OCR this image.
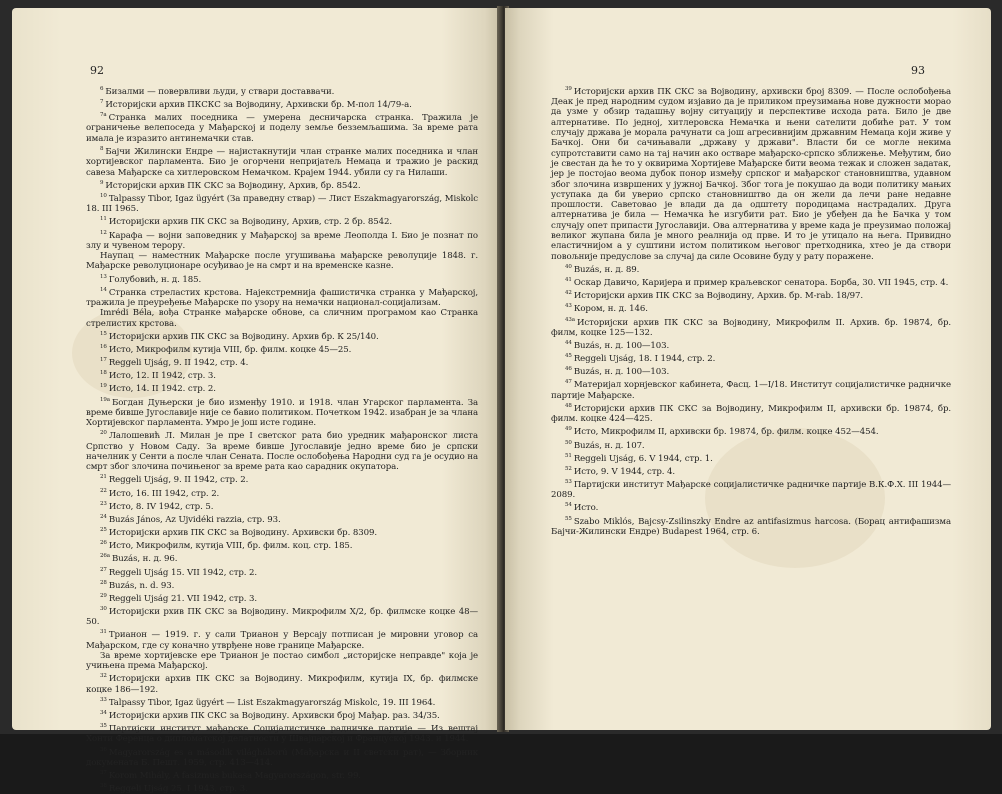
92

$^6$ Бизалми — повервливи људи, у ствари доставвачи.

$^7$ Историјски архив ПКСКС за Војводину, Архивски бр. М-пол 14/79-а.

$^{7a}$ Странка малих поседника — умерена десничарска странка. Тражила је ограничење велепоседа у Мађарској и поделу земље безземљашима. За време рата имала је изразито антинемачки став.

$^8$ Бајчи Жилински Ендре — најистакнутији члан странке малих поседника и члан хортијевског парламента. Био је огорчени непријатељ Немаца и тражио је раскид савеза Мађарске са хитлеровском Немачком. Крајем 1944. убили су га Нилаши.

$^9$ Историјски архив ПК СКС за Војводину, Архив, бр. 8542.

$^{10}$ Talpassy Tibor, Igaz ügyért (За праведну ствар) — Лист Eszakmagyarország, Miskolc 18. III 1965.

$^{11}$ Историјски архив ПК СКС за Војводину, Архив, стр. 2 бр. 8542.

$^{12}$ Карафа — војни заповедник у Мађарској за време Леополда I. Био је познат по злу и чувеном терору.

Наупац — наместник Мађарске после угушивања мађарске револуције 1848. г. Мађарске револуционаре осуђивао је на смрт и на временске казне.

$^{13}$ Голубовић, н. д. 185.

$^{14}$ Странка стреластих крстова. Најекстремнија фашистичка странка у Мађарској, тражила је преуређење Мађарске по узору на немачки национал-социјализам.

Imrédi Béla, вођа Странке мађарске обнове, са сличним програмом као Странка стрелистих крстова.

$^{15}$ Историјски архив ПК СКС за Војводину. Архив бр. К 25/140.

$^{16}$ Исто, Микрофилм кутија VIII, бр. филм. коцке 45—25.

$^{17}$ Reggeli Ujság, 9. II 1942, стр. 4.

$^{18}$ Исто, 12. II 1942, стр. 3.

$^{19}$ Исто, 14. II 1942. стр. 2.

$^{19a}$ Богдан Дуњерски је био изменђу 1910. и 1918. члан Угарског парламента. За време бивше Југославије није се бавио политиком. Почетком 1942. изабран је за члана Хортијевског парламента. Умро је још исте године.

$^{20}$ Лалошевић Л. Милан је пре I светског рата био уредник мађаронског листа Српство у Новом Саду. За време бивше Југославије једно време био је српски начелник у Сенти а после члан Сената. После ослобођења Народни суд га је осудио на смрт због злочина почињеног за време рата као сарадник окупатора.

$^{21}$ Reggeli Ujság, 9. II 1942, стр. 2.

$^{22}$ Исто, 16. III 1942, стр. 2.

$^{23}$ Исто, 8. IV 1942, стр. 5.

$^{24}$ Buzás János, Az Ujvidéki razzia, стр. 93.

$^{25}$ Историјски архив ПК СКС за Војводину. Архивски бр. 8309.

$^{26}$ Исто, Микрофилм, кутија VIII, бр. филм. коц. стр. 185.

$^{26a}$ Buzás, н. д. 96.

$^{27}$ Reggeli Ujság 15. VII 1942, стр. 2.

$^{28}$ Buzás, n. d. 93.

$^{29}$ Reggeli Ujság 21. VII 1942, стр. 3.

$^{30}$ Историјски рхив ПК СКС за Војводину. Микрофилм X/2, бр. филмске коцке 48—50.

$^{31}$ Трианон — 1919. г. у сали Трианон у Версају потписан је мировни уговор са Мађарском, где су коначно утврђене нове границе Мађарске.

За време хортијевске ере Трианон је постао симбол „историјске неправде" која је учињена према Мађарској.

$^{32}$ Историјски архив ПК СКС за Војводину. Микрофилм, кутија IX, бр. филмске коцке 186—192.

$^{33}$ Talpassy Tibor, Igaz ügyért — List Eszakmagyarország Miskolc, 19. III 1964.

$^{34}$ Историјски архив ПК СКС за Војводину. Архивски број Мађар. раз. 34/35.

$^{35}$ Партијски институт мађарске Социјалистичке радничке партије — Из вештај Хонти Ференца о дипломатској делатности у Швајцарској и Француској 1943. и 1944.

$^{36}$ Magyarország es a második világháború (Мађарска и II светски рат), — Зборник докумената Б. Пешт. 1959, стр. 413—414.

$^{37}$ Korom Mihály, A fasizmus bukasa Magyarországon, str. 99.

$^{38}$ Reggeli Ujság 25. I 1943, стр. 3.

93

$^{39}$ Историјски архив ПК СКС за Војводину, архивски број 8309. — После ослобођења Деак је пред народним судом изјавио да је приликом преузимања нове дужности морао да узме у обзир тадашњу војну ситуацију и перспективе исхода рата. Било је две алтернативе. По једној, хитлеровска Немачка и њени сателити добиће рат. У том случају држава је морала рачунати са још агресивнијим државним Немаца који живе у Бачкој. Они би сачињавали „државу у држави". Власти би се могле некима супротставити само на тај начин ако остваре мађарско-српско зближење. Међутим, био је свестан да ће то у оквирима Хортијеве Мађарске бити веома тежак и сложен задатак, јер је постојао веома дубок понор између српског и мађарског становништва, удавном због злочина извршених у јужној Бачкој. Због тога је покушао да води политику мањих уступака да би уверио српско становништво да он жели да лечи ране недавне прошлости. Саветовао је влади да да одштету породицама настрадалих. Друга алтернатива је била — Немачка ће изгубити рат. Био је убеђен да ће Бачка у том случају опет припасти Југославији. Ова алтернатива у време када је преузимао положај великог жупана била је много реалнија од прве. И то је утицало на њега. Привидно еластичнијом а у суштини истом политиком његовог претходника, хтео је да створи повољније предуслове за случај да силе Осовине буду у рату поражене.

$^{40}$ Buzás, н. д. 89.

$^{41}$ Оскар Давичо, Каријера и пример краљевског сенатора. Борба, 30. VII 1945, стр. 4.

$^{42}$ Историјски архив ПК СКС за Војводину, Архив. бр. М-rab. 18/97.

$^{43}$ Кором, н. д. 146.

$^{43a}$ Историјски архив ПК СКС за Војводину, Микрофилм II. Архив. бр. 19874, бр. филм, коцке 125—132.

$^{44}$ Buzás, н. д. 100—103.

$^{45}$ Reggeli Ujság, 18. I 1944, стр. 2.

$^{46}$ Buzás, н. д. 100—103.

$^{47}$ Материјал хорнјевског кабинета, Фасц. 1—I/18. Институт социјалистичке радничке партије Мађарске.

$^{48}$ Историјски архив ПК СКС за Војводину, Микрофилм II, архивски бр. 19874, бр. филм. коцке 424—425.

$^{49}$ Исто, Микрофилм II, архивски бр. 19874, бр. филм. коцке 452—454.

$^{50}$ Buzás, н. д. 107.

$^{51}$ Reggeli Ujság, 6. V 1944, стр. 1.

$^{52}$ Исто, 9. V 1944, стр. 4.

$^{53}$ Партијски институт Мађарске социјалистичке радничке партије В.К.Ф.Х. III 1944—2089.

$^{54}$ Исто.

$^{55}$ Szabo Miklós, Bajcsy-Zsilinszky Endre az antifasizmus harcosa. (Борац антифашизма Бајчи-Жилински Ендре) Budapest 1964, стр. 6.
